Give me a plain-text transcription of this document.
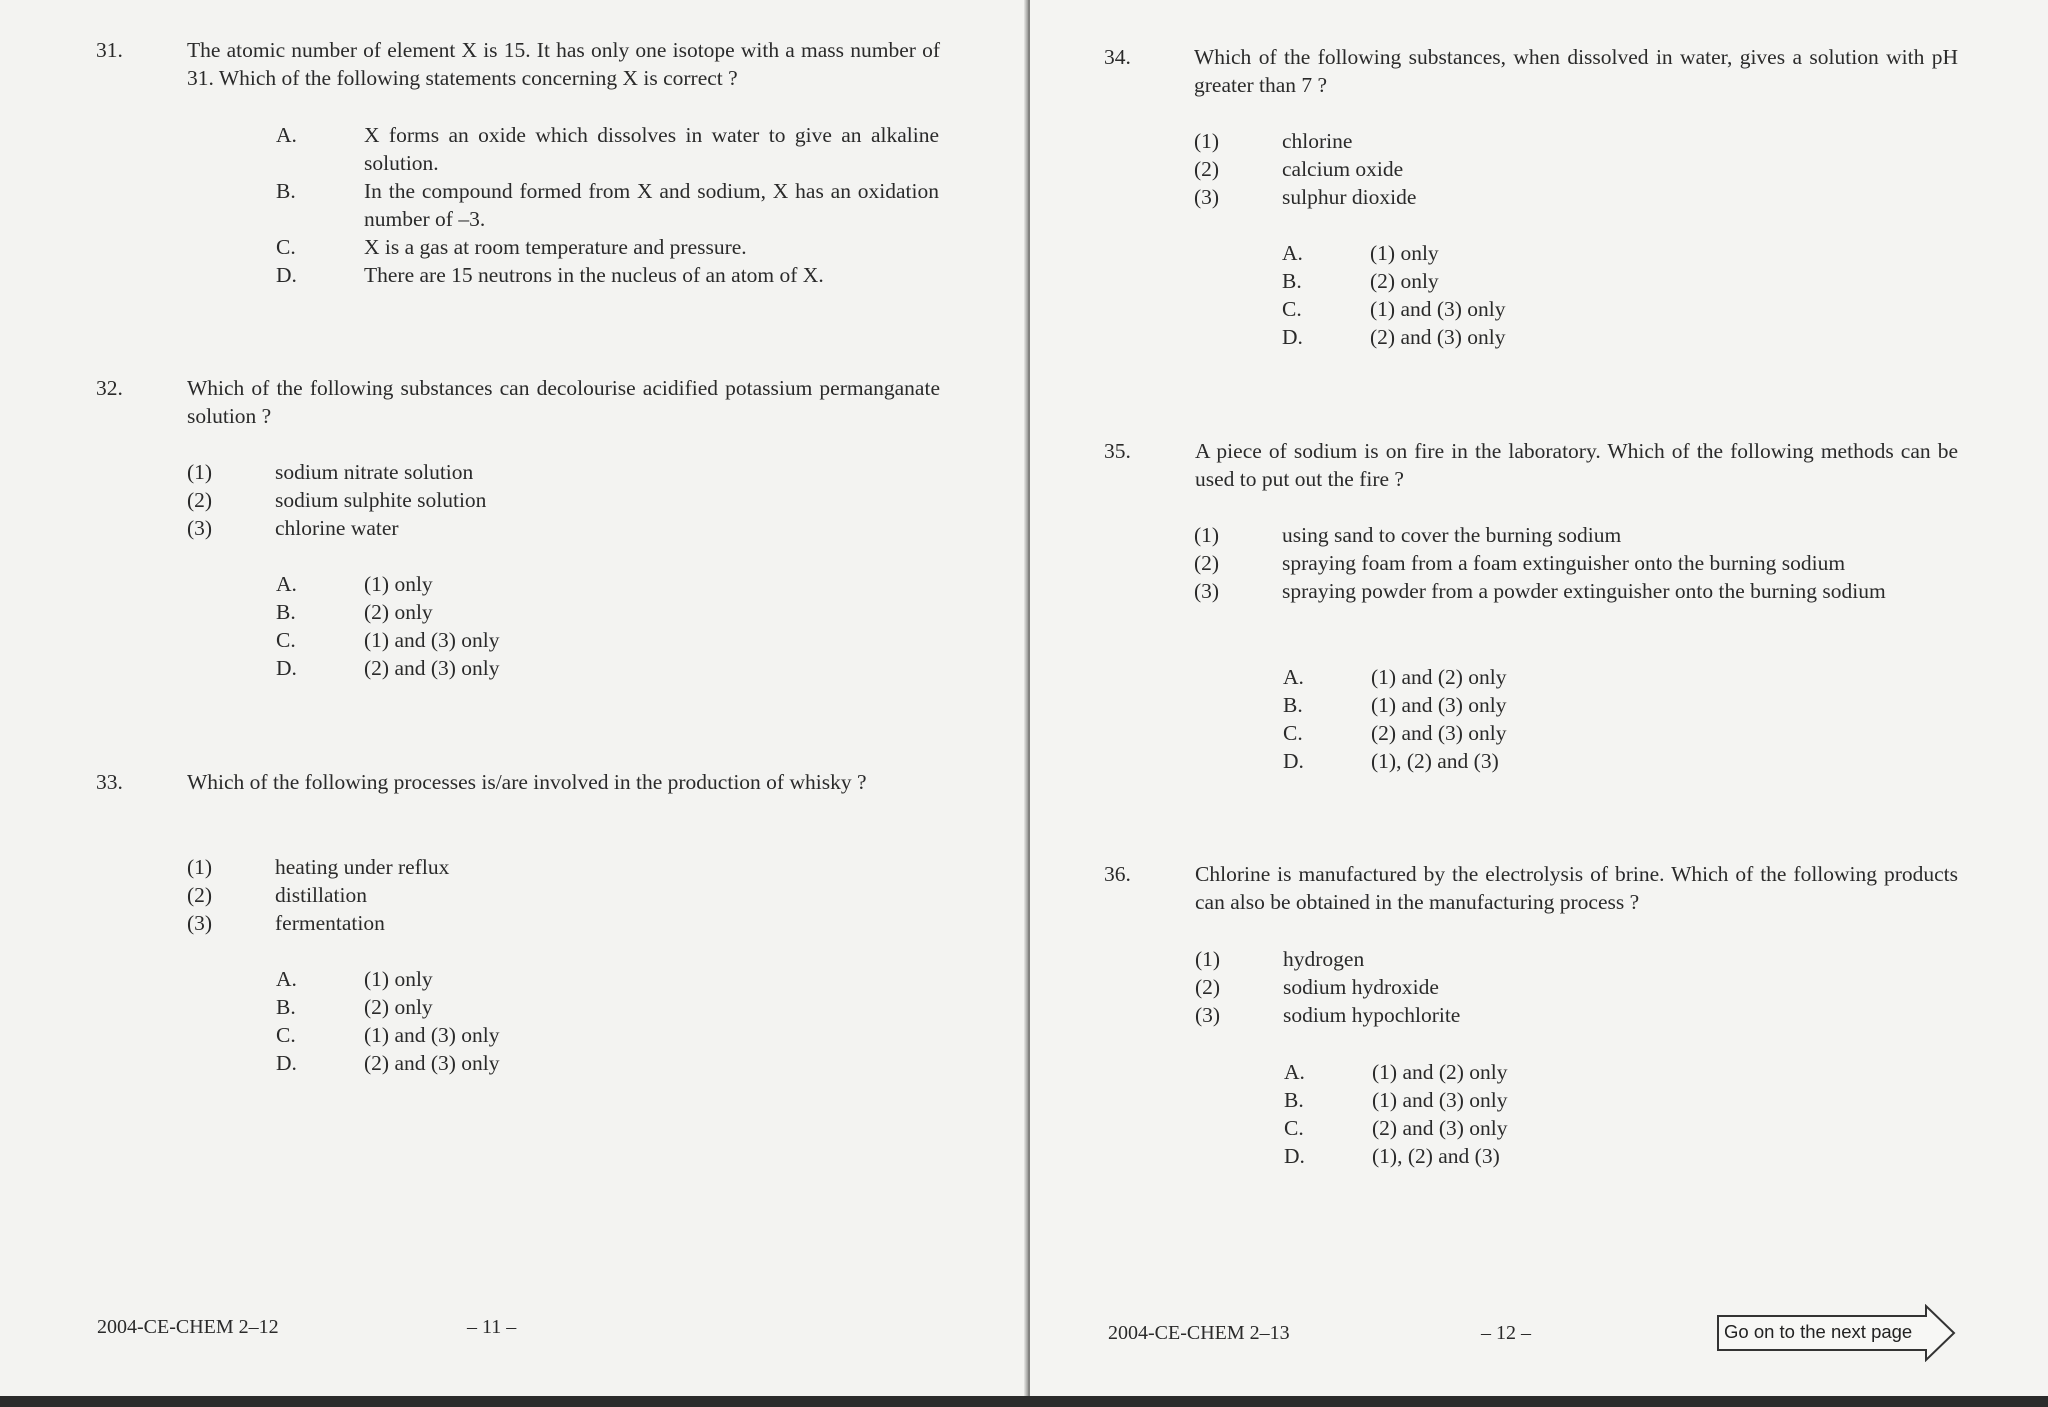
31.	The atomic number of element X is 15. It has only one isotope with a mass number of 31. Which of the following statements concerning X is correct ?
A.	X forms an oxide which dissolves in water to give an alkaline solution.
B.	In the compound formed from X and sodium, X has an oxidation number of –3.
C.	X is a gas at room temperature and pressure.
D.	There are 15 neutrons in the nucleus of an atom of X.
32.	Which of the following substances can decolourise acidified potassium permanganate solution ?
(1)	sodium nitrate solution
(2)	sodium sulphite solution
(3)	chlorine water
A.	(1) only
B.	(2) only
C.	(1) and (3) only
D.	(2) and (3) only
33.	Which of the following processes is/are involved in the production of whisky ?
(1)	heating under reflux
(2)	distillation
(3)	fermentation
A.	(1) only
B.	(2) only
C.	(1) and (3) only
D.	(2) and (3) only
2004-CE-CHEM 2–12	– 11 –
34.	Which of the following substances, when dissolved in water, gives a solution with pH greater than 7 ?
(1)	chlorine
(2)	calcium oxide
(3)	sulphur dioxide
A.	(1) only
B.	(2) only
C.	(1) and (3) only
D.	(2) and (3) only
35.	A piece of sodium is on fire in the laboratory. Which of the following methods can be used to put out the fire ?
(1)	using sand to cover the burning sodium
(2)	spraying foam from a foam extinguisher onto the burning sodium
(3)	spraying powder from a powder extinguisher onto the burning sodium
A.	(1) and (2) only
B.	(1) and (3) only
C.	(2) and (3) only
D.	(1), (2) and (3)
36.	Chlorine is manufactured by the electrolysis of brine. Which of the following products can also be obtained in the manufacturing process ?
(1)	hydrogen
(2)	sodium hydroxide
(3)	sodium hypochlorite
A.	(1) and (2) only
B.	(1) and (3) only
C.	(2) and (3) only
D.	(1), (2) and (3)
2004-CE-CHEM 2–13	– 12 –	Go on to the next page
